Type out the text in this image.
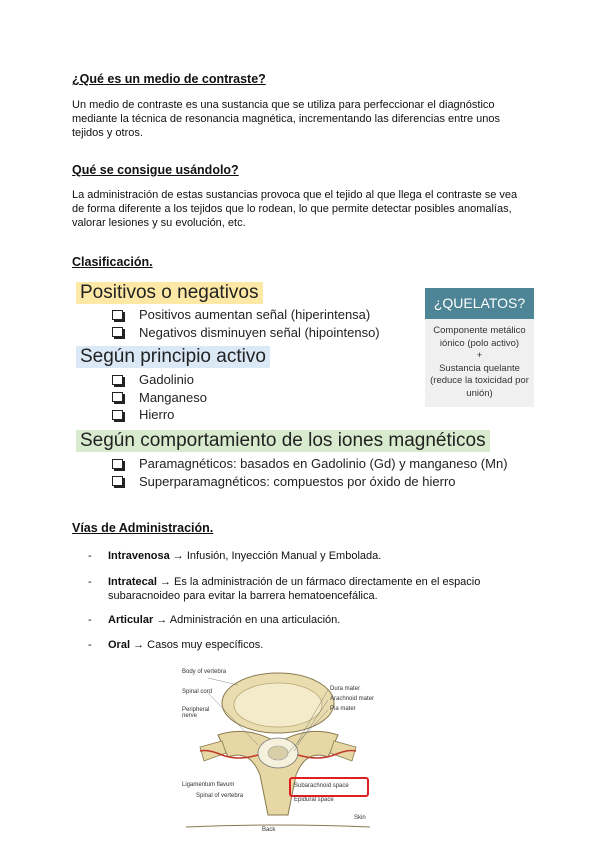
¿Qué es un medio de contraste?
Un medio de contraste es una sustancia que se utiliza para perfeccionar el diagnóstico
mediante la técnica de resonancia magnética, incrementando las diferencias entre unos
tejidos y otros.
Qué se consigue usándolo?
La administración de estas sustancias provoca que el tejido al que llega el contraste se vea
de forma diferente a los tejidos que lo rodean, lo que permite detectar posibles anomalías,
valorar lesiones y su evolución, etc.
Clasificación.
Positivos o negativos
Positivos aumentan señal (hiperintensa)
Negativos disminuyen señal (hipointenso)
Según principio activo
Gadolinio
Manganeso
Hierro
Según comportamiento de los iones magnéticos
Paramagnéticos: basados en Gadolinio (Gd) y manganeso (Mn)
Superparamagnéticos: compuestos por óxido de hierro
¿QUELATOS?
Componente metálico
iónico (polo activo)
+
Sustancia quelante
(reduce la toxicidad por
unión)
Vías de Administración.
- Intravenosa → Infusión, Inyección Manual y Embolada.
- Intratecal → Es la administración de un fármaco directamente en el espacio
subaracnoideo para evitar la barrera hematoencefálica.
- Articular → Administración en una articulación.
- Oral → Casos muy específicos.
Body of vertebra
Spinal cord
Peripheral nerve
Dura mater
Arachnoid mater
Pia mater
Ligamentum flavum
Spinal of vertebra
Subarachnoid space
Epidural space
Skin
Back
